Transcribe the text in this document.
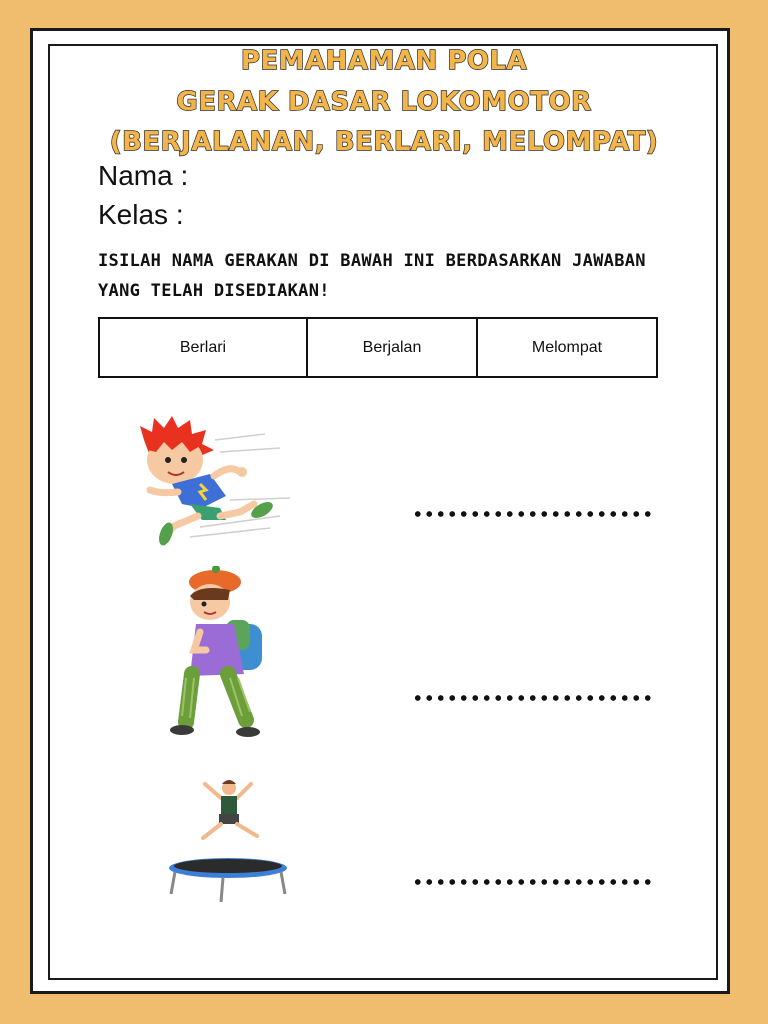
PEMAHAMAN POLA
GERAK DASAR LOKOMOTOR
(BERJALANAN, BERLARI, MELOMPAT)
Nama :
Kelas :
ISILAH NAMA GERAKAN DI BAWAH INI BERDASARKAN JAWABAN YANG TELAH DISEDIAKAN!
Berlari	Berjalan	Melompat
